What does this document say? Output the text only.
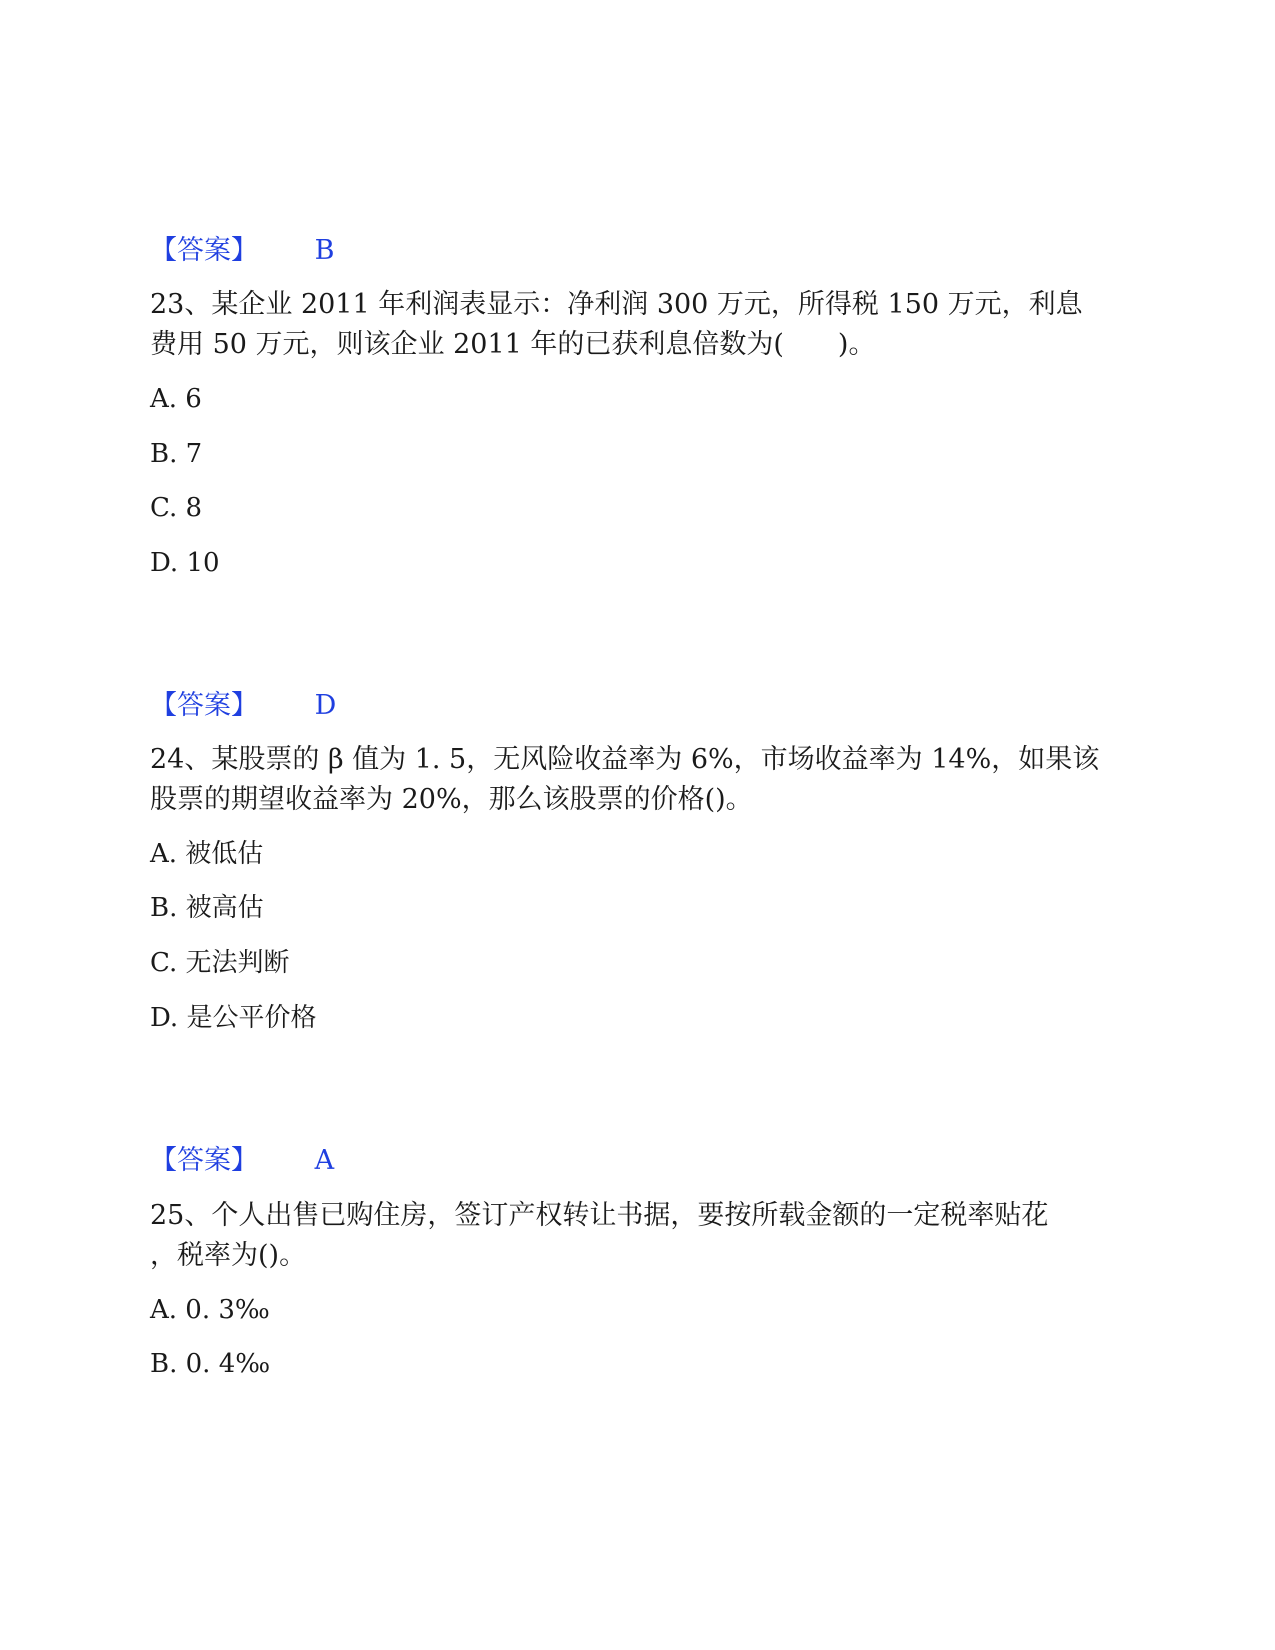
【答案】 B
23、某企业 2011 年利润表显示：净利润 300 万元，所得税 150 万元，利息
费用 50 万元，则该企业 2011 年的已获利息倍数为(　　)。
A. 6
B. 7
C. 8
D. 10
【答案】 D
24、某股票的 β 值为 1. 5，无风险收益率为 6%，市场收益率为 14%，如果该
股票的期望收益率为 20%，那么该股票的价格()。
A. 被低估
B. 被高估
C. 无法判断
D. 是公平价格
【答案】 A
25、个人出售已购住房，签订产权转让书据，要按所载金额的一定税率贴花
，税率为()。
A. 0. 3‰
B. 0. 4‰
